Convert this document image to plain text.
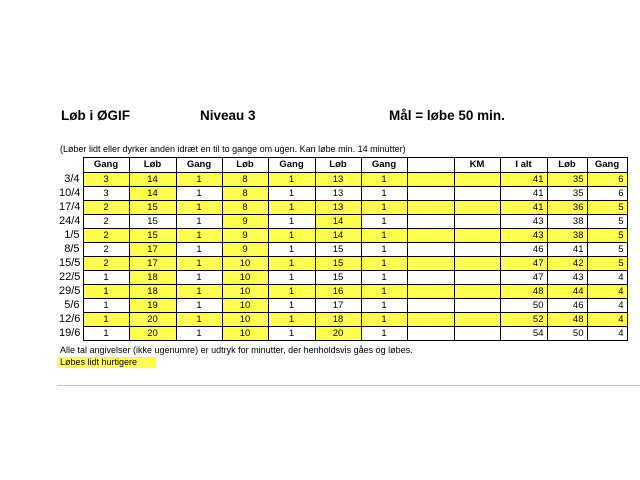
Løb i ØGIF	Niveau 3	Mål = løbe 50 min.
(Løber lidt eller dyrker anden idræt en til to gange om ugen. Kan løbe min. 14 minutter)
	Gang	Løb	Gang	Løb	Gang	Løb	Gang		KM	I alt	Løb	Gang
3/4	3	14	1	8	1	13	1			41	35	6
10/4	3	14	1	8	1	13	1			41	35	6
17/4	2	15	1	8	1	13	1			41	36	5
24/4	2	15	1	9	1	14	1			43	38	5
1/5	2	15	1	9	1	14	1			43	38	5
8/5	2	17	1	9	1	15	1			46	41	5
15/5	2	17	1	10	1	15	1			47	42	5
22/5	1	18	1	10	1	15	1			47	43	4
29/5	1	18	1	10	1	16	1			48	44	4
5/6	1	19	1	10	1	17	1			50	46	4
12/6	1	20	1	10	1	18	1			52	48	4
19/6	1	20	1	10	1	20	1			54	50	4
Alle tal angivelser (ikke ugenumre) er udtryk for minutter, der henholdsvis gåes og løbes.
Løbes lidt hurtigere
